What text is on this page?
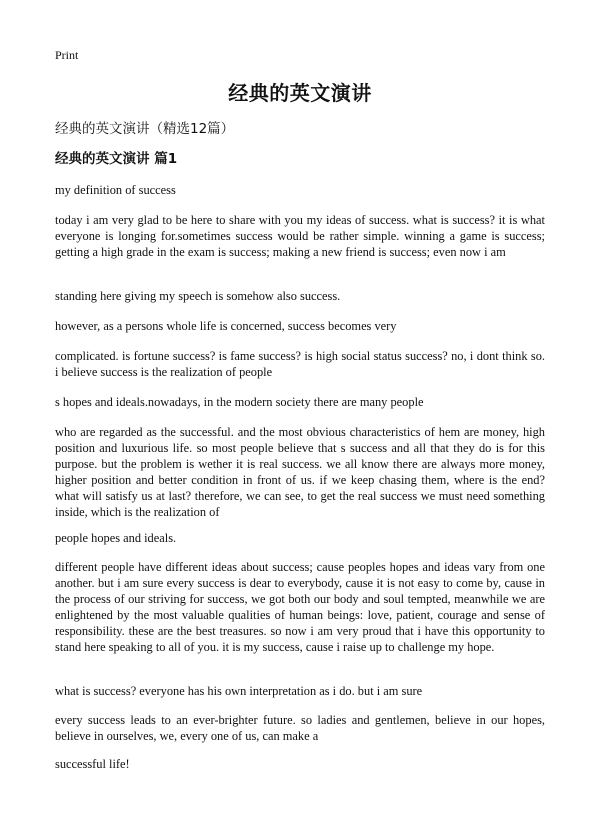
Print
经典的英文演讲
经典的英文演讲（精选12篇）
经典的英文演讲 篇1
my definition of success
today i am very glad to be here to share with you my ideas of success. what is success? it is what everyone is longing for.sometimes success would be rather simple. winning a game is success; getting a high grade in the exam is success; making a new friend is success; even now i am
standing here giving my speech is somehow also success.
however, as a persons whole life is concerned, success becomes very
complicated. is fortune success? is fame success? is high social status success? no, i dont think so. i believe success is the realization of people
s hopes and ideals.nowadays, in the modern society there are many people
who are regarded as the successful. and the most obvious characteristics of hem are money, high position and luxurious life. so most people believe that s success and all that they do is for this purpose. but the problem is wether it is real success. we all know there are always more money, higher position and better condition in front of us. if we keep chasing them, where is the end? what will satisfy us at last? therefore, we can see, to get the real success we must need something inside, which is the realization of
people hopes and ideals.
different people have different ideas about success; cause peoples hopes and ideas vary from one another. but i am sure every success is dear to everybody, cause it is not easy to come by, cause in the process of our striving for success, we got both our body and soul tempted, meanwhile we are enlightened by the most valuable qualities of human beings: love, patient, courage and sense of responsibility. these are the best treasures. so now i am very proud that i have this opportunity to stand here speaking to all of you. it is my success, cause i raise up to challenge my hope.
what is success? everyone has his own interpretation as i do. but i am sure
every success leads to an ever-brighter future. so ladies and gentlemen, believe in our hopes, believe in ourselves, we, every one of us, can make a
successful life!
